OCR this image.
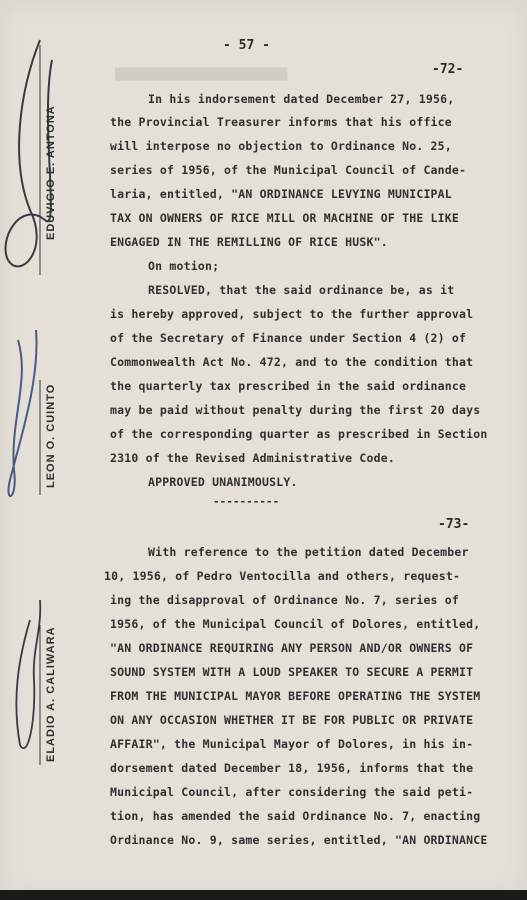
EDUVIGIO E. ANTONA
LEON O. CUINTO
ELADIO A. CALIWARA
██████████████████████████
- 57 -
-72-
In his indorsement dated December 27, 1956,
the Provincial Treasurer informs that his office
will interpose no objection to Ordinance No. 25,
series of 1956, of the Municipal Council of Cande-
laria, entitled, "AN ORDINANCE LEVYING MUNICIPAL
TAX ON OWNERS OF RICE MILL OR MACHINE OF THE LIKE
ENGAGED IN THE REMILLING OF RICE HUSK".
On motion;
RESOLVED, that the said ordinance be, as it
is hereby approved, subject to the further approval
of the Secretary of Finance under Section 4 (2) of
Commonwealth Act No. 472, and to the condition that
the quarterly tax prescribed in the said ordinance
may be paid without penalty during the first 20 days
of the corresponding quarter as prescribed in Section
2310 of the Revised Administrative Code.
APPROVED UNANIMOUSLY.
----------
-73-
With reference to the petition dated December
10, 1956, of Pedro Ventocilla and others, request-
ing the disapproval of Ordinance No. 7, series of
1956, of the Municipal Council of Dolores, entitled,
"AN ORDINANCE REQUIRING ANY PERSON AND/OR OWNERS OF
SOUND SYSTEM WITH A LOUD SPEAKER TO SECURE A PERMIT
FROM THE MUNICIPAL MAYOR BEFORE OPERATING THE SYSTEM
ON ANY OCCASION WHETHER IT BE FOR PUBLIC OR PRIVATE
AFFAIR", the Municipal Mayor of Dolores, in his in-
dorsement dated December 18, 1956, informs that the
Municipal Council, after considering the said peti-
tion, has amended the said Ordinance No. 7, enacting
Ordinance No. 9, same series, entitled, "AN ORDINANCE
